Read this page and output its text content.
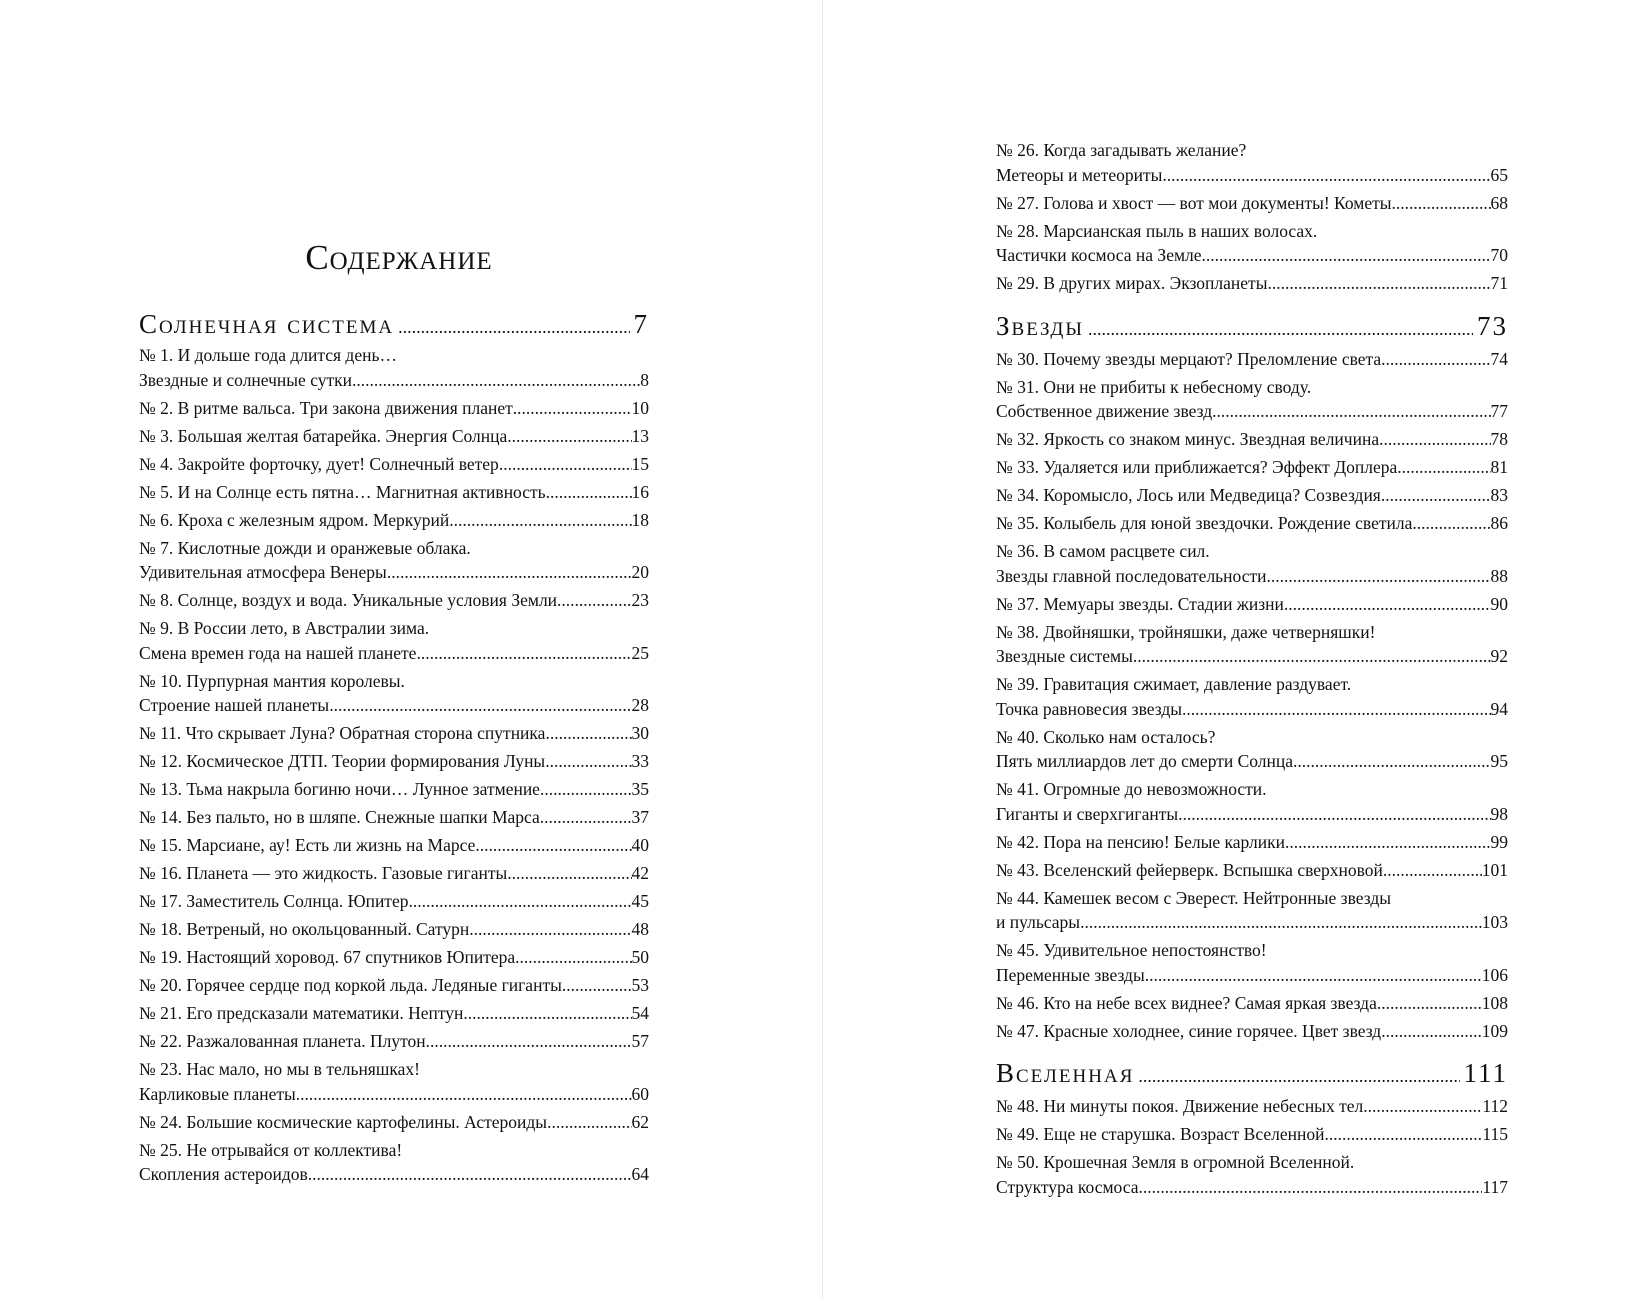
Содержание
Солнечная система .....	7
№ 1. И дольше года длится день…
Звездные и солнечные сутки .....	8
№ 2. В ритме вальса. Три закона движения планет .....	10
№ 3. Большая желтая батарейка. Энергия Солнца .....	13
№ 4. Закройте форточку, дует! Солнечный ветер .....	15
№ 5. И на Солнце есть пятна… Магнитная активность .....	16
№ 6. Кроха с железным ядром. Меркурий .....	18
№ 7. Кислотные дожди и оранжевые облака.
Удивительная атмосфера Венеры .....	20
№ 8. Солнце, воздух и вода. Уникальные условия Земли .....	23
№ 9. В России лето, в Австралии зима.
Смена времен года на нашей планете .....	25
№ 10. Пурпурная мантия королевы.
Строение нашей планеты .....	28
№ 11. Что скрывает Луна? Обратная сторона спутника .....	30
№ 12. Космическое ДТП. Теории формирования Луны .....	33
№ 13. Тьма накрыла богиню ночи… Лунное затмение .....	35
№ 14. Без пальто, но в шляпе. Снежные шапки Марса .....	37
№ 15. Марсиане, ау! Есть ли жизнь на Марсе .....	40
№ 16. Планета — это жидкость. Газовые гиганты .....	42
№ 17. Заместитель Солнца. Юпитер .....	45
№ 18. Ветреный, но окольцованный. Сатурн .....	48
№ 19. Настоящий хоровод. 67 спутников Юпитера .....	50
№ 20. Горячее сердце под коркой льда. Ледяные гиганты .....	53
№ 21. Его предсказали математики. Нептун .....	54
№ 22. Разжалованная планета. Плутон .....	57
№ 23. Нас мало, но мы в тельняшках!
Карликовые планеты .....	60
№ 24. Большие космические картофелины. Астероиды .....	62
№ 25. Не отрывайся от коллектива!
Скопления астероидов .....	64
№ 26. Когда загадывать желание?
Метеоры и метеориты .....	65
№ 27. Голова и хвост — вот мои документы! Кометы .....	68
№ 28. Марсианская пыль в наших волосах.
Частички космоса на Земле .....	70
№ 29. В других мирах. Экзопланеты .....	71
Звезды .....	73
№ 30. Почему звезды мерцают? Преломление света .....	74
№ 31. Они не прибиты к небесному своду.
Собственное движение звезд .....	77
№ 32. Яркость со знаком минус. Звездная величина .....	78
№ 33. Удаляется или приближается? Эффект Доплера .....	81
№ 34. Коромысло, Лось или Медведица? Созвездия .....	83
№ 35. Колыбель для юной звездочки. Рождение светила .....	86
№ 36. В самом расцвете сил.
Звезды главной последовательности .....	88
№ 37. Мемуары звезды. Стадии жизни .....	90
№ 38. Двойняшки, тройняшки, даже четверняшки!
Звездные системы .....	92
№ 39. Гравитация сжимает, давление раздувает.
Точка равновесия звезды .....	94
№ 40. Сколько нам осталось?
Пять миллиардов лет до смерти Солнца .....	95
№ 41. Огромные до невозможности.
Гиганты и сверхгиганты .....	98
№ 42. Пора на пенсию! Белые карлики .....	99
№ 43. Вселенский фейерверк. Вспышка сверхновой .....	101
№ 44. Камешек весом с Эверест. Нейтронные звезды
и пульсары .....	103
№ 45. Удивительное непостоянство!
Переменные звезды .....	106
№ 46. Кто на небе всех виднее? Самая яркая звезда .....	108
№ 47. Красные холоднее, синие горячее. Цвет звезд .....	109
Вселенная .....	111
№ 48. Ни минуты покоя. Движение небесных тел .....	112
№ 49. Еще не старушка. Возраст Вселенной .....	115
№ 50. Крошечная Земля в огромной Вселенной.
Структура космоса .....	117
